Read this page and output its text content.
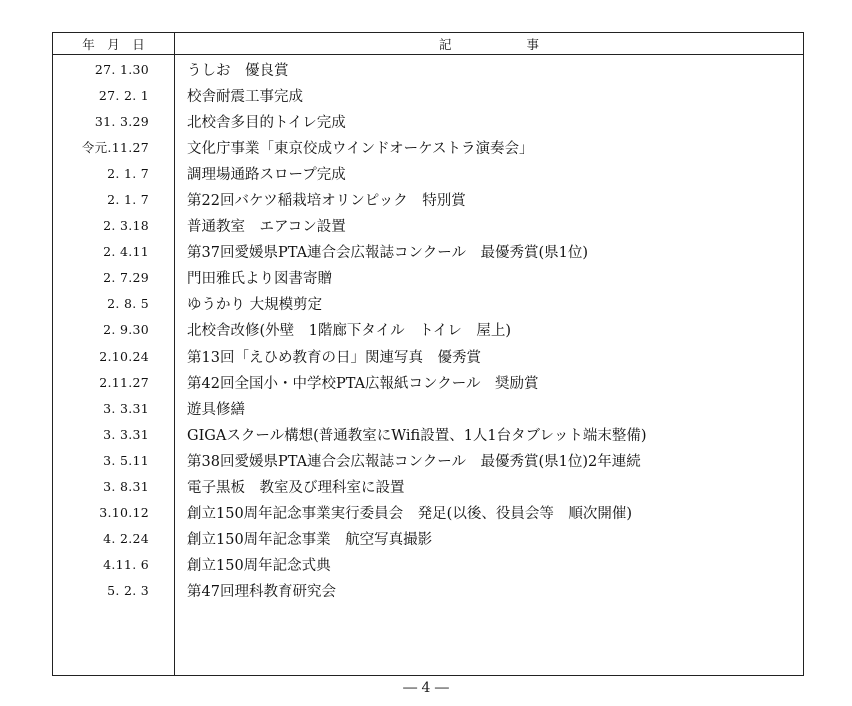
年　月　日	記　　　　　　事
27. 1.30	うしお　優良賞
27. 2. 1	校舎耐震工事完成
31. 3.29	北校舎多目的トイレ完成
令元.11.27	文化庁事業「東京佼成ウインドオーケストラ演奏会」
2. 1. 7	調理場通路スロープ完成
2. 1. 7	第22回バケツ稲栽培オリンピック　特別賞
2. 3.18	普通教室　エアコン設置
2. 4.11	第37回愛媛県PTA連合会広報誌コンクール　最優秀賞(県1位)
2. 7.29	門田雅氏より図書寄贈
2. 8. 5	ゆうかり 大規模剪定
2. 9.30	北校舎改修(外壁　1階廊下タイル　トイレ　屋上)
2.10.24	第13回「えひめ教育の日」関連写真　優秀賞
2.11.27	第42回全国小・中学校PTA広報紙コンクール　奨励賞
3. 3.31	遊具修繕
3. 3.31	GIGAスクール構想(普通教室にWifi設置、1人1台タブレット端末整備)
3. 5.11	第38回愛媛県PTA連合会広報誌コンクール　最優秀賞(県1位)2年連続
3. 8.31	電子黒板　教室及び理科室に設置
3.10.12	創立150周年記念事業実行委員会　発足(以後、役員会等　順次開催)
4. 2.24	創立150周年記念事業　航空写真撮影
4.11. 6	創立150周年記念式典
5. 2. 3	第47回理科教育研究会
― 4 ―
